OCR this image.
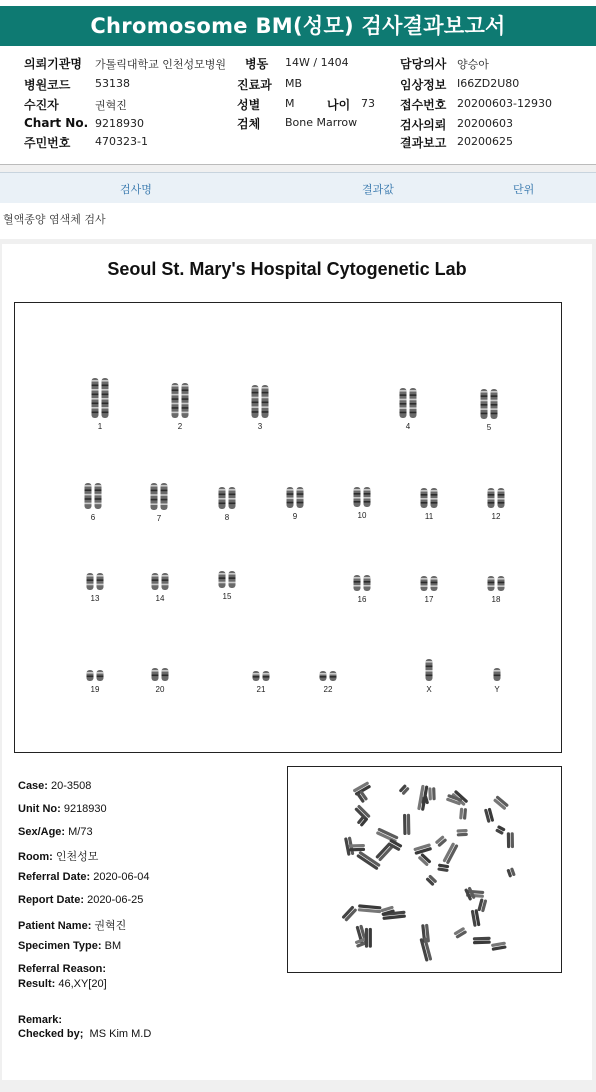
Chromosome BM(성모) 검사결과보고서
의뢰기관명 가톨릭대학교 인천성모병원
병원코드 53138
수진자	권혁진
Chart No. 9218930
주민번호 470323-1
병동 14W / 1404
진료과 MB
성별 M	나이 73
검체 Bone Marrow
담당의사 양승아
임상정보 I66ZD2U80
접수번호 20200603-12930
검사의뢰 20200603
결과보고 20200625
검사명	결과값	단위
혈액종양 염색체 검사
Seoul St. Mary's Hospital Cytogenetic Lab
1	2	3	4	5
6	7	8	9	10	11	12
13	14	15	16	17	18
19	20	21	22	X	Y
Case: 20-3508
Unit No: 9218930
Sex/Age: M/73
Room: 인천성모
Referral Date: 2020-06-04
Report Date: 2020-06-25
Patient Name: 권혁진
Specimen Type: BM
Referral Reason:
Result: 46,XY[20]
Remark:
Checked by; MS Kim M.D
